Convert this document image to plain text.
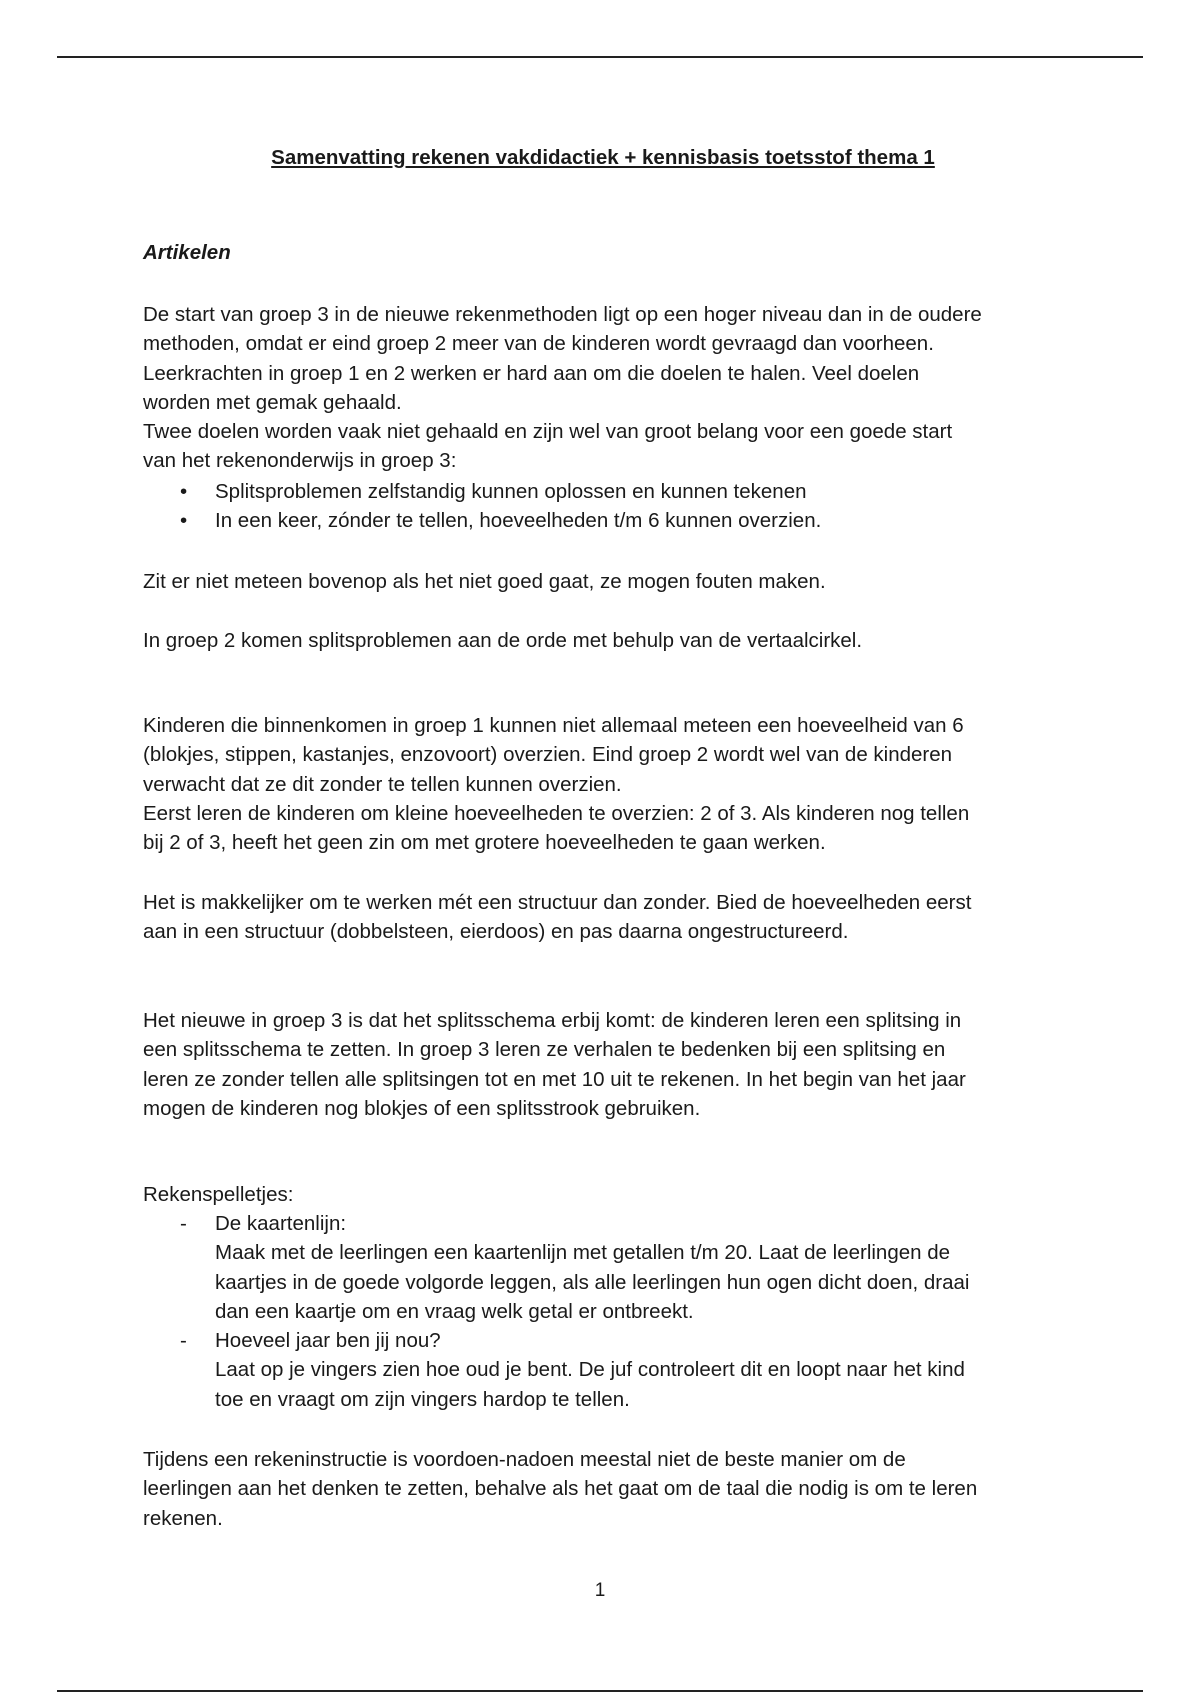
Samenvatting rekenen vakdidactiek + kennisbasis toetsstof thema 1
Artikelen

De start van groep 3 in de nieuwe rekenmethoden ligt op een hoger niveau dan in de oudere
methoden, omdat er eind groep 2 meer van de kinderen wordt gevraagd dan voorheen.
Leerkrachten in groep 1 en 2 werken er hard aan om die doelen te halen. Veel doelen
worden met gemak gehaald.
Twee doelen worden vaak niet gehaald en zijn wel van groot belang voor een goede start
van het rekenonderwijs in groep 3:

• Splitsproblemen zelfstandig kunnen oplossen en kunnen tekenen
• In een keer, zónder te tellen, hoeveelheden t/m 6 kunnen overzien.

Zit er niet meteen bovenop als het niet goed gaat, ze mogen fouten maken.

In groep 2 komen splitsproblemen aan de orde met behulp van de vertaalcirkel.

Kinderen die binnenkomen in groep 1 kunnen niet allemaal meteen een hoeveelheid van 6
(blokjes, stippen, kastanjes, enzovoort) overzien. Eind groep 2 wordt wel van de kinderen
verwacht dat ze dit zonder te tellen kunnen overzien.
Eerst leren de kinderen om kleine hoeveelheden te overzien: 2 of 3. Als kinderen nog tellen
bij 2 of 3, heeft het geen zin om met grotere hoeveelheden te gaan werken.

Het is makkelijker om te werken mét een structuur dan zonder. Bied de hoeveelheden eerst
aan in een structuur (dobbelsteen, eierdoos) en pas daarna ongestructureerd.

Het nieuwe in groep 3 is dat het splitsschema erbij komt: de kinderen leren een splitsing in
een splitsschema te zetten. In groep 3 leren ze verhalen te bedenken bij een splitsing en
leren ze zonder tellen alle splitsingen tot en met 10 uit te rekenen. In het begin van het jaar
mogen de kinderen nog blokjes of een splitsstrook gebruiken.

Rekenspelletjes:

- De kaartenlijn:
Maak met de leerlingen een kaartenlijn met getallen t/m 20. Laat de leerlingen de
kaartjes in de goede volgorde leggen, als alle leerlingen hun ogen dicht doen, draai
dan een kaartje om en vraag welk getal er ontbreekt.
- Hoeveel jaar ben jij nou?
Laat op je vingers zien hoe oud je bent. De juf controleert dit en loopt naar het kind
toe en vraagt om zijn vingers hardop te tellen.

Tijdens een rekeninstructie is voordoen-nadoen meestal niet de beste manier om de
leerlingen aan het denken te zetten, behalve als het gaat om de taal die nodig is om te leren
rekenen.

1
